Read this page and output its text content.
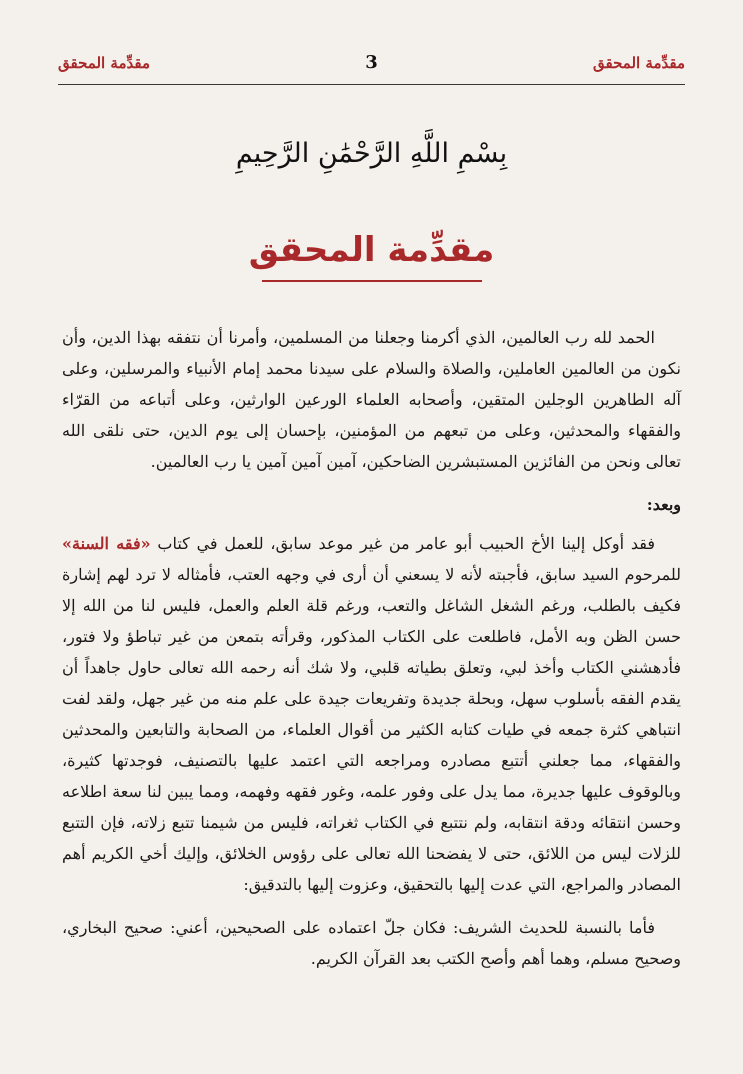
مقدِّمة المحقق
3
مقدِّمة المحقق
بِسْمِ اللَّهِ الرَّحْمَٰنِ الرَّحِيمِ
مقدِّمة المحقق

الحمد لله رب العالمين، الذي أكرمنا وجعلنا من المسلمين، وأمرنا أن نتفقه بهذا الدين، وأن نكون من العالمين العاملين، والصلاة والسلام على سيدنا محمد إمام الأنبياء والمرسلين، وعلى آله الطاهرين الوجلين المتقين، وأصحابه العلماء الورعين الوارثين، وعلى أتباعه من القرّاء والفقهاء والمحدثين، وعلى من تبعهم من المؤمنين، بإحسان إلى يوم الدين، حتى نلقى الله تعالى ونحن من الفائزين المستبشرين الضاحكين، آمين آمين آمين يا رب العالمين.

وبعد:

فقد أوكل إلينا الأخ الحبيب أبو عامر من غير موعد سابق، للعمل في كتاب «فقه السنة» للمرحوم السيد سابق، فأجبته لأنه لا يسعني أن أرى في وجهه العتب، فأمثاله لا ترد لهم إشارة فكيف بالطلب، ورغم الشغل الشاغل والتعب، ورغم قلة العلم والعمل، فليس لنا من الله إلا حسن الظن وبه الأمل، فاطلعت على الكتاب المذكور، وقرأته بتمعن من غير تباطؤ ولا فتور، فأدهشني الكتاب وأخذ لبي، وتعلق بطياته قلبي، ولا شك أنه رحمه الله تعالى حاول جاهداً أن يقدم الفقه بأسلوب سهل، وبحلة جديدة وتفريعات جيدة على علم منه من غير جهل، ولقد لفت انتباهي كثرة جمعه في طيات كتابه الكثير من أقوال العلماء، من الصحابة والتابعين والمحدثين والفقهاء، مما جعلني أتتبع مصادره ومراجعه التي اعتمد عليها بالتصنيف، فوجدتها كثيرة، وبالوقوف عليها جديرة، مما يدل على وفور علمه، وغور فقهه وفهمه، ومما يبين لنا سعة اطلاعه وحسن انتقائه ودقة انتقابه، ولم نتتبع في الكتاب ثغراته، فليس من شيمنا تتبع زلاته، فإن التتبع للزلات ليس من اللائق، حتى لا يفضحنا الله تعالى على رؤوس الخلائق، وإليك أخي الكريم أهم المصادر والمراجع، التي عدت إليها بالتحقيق، وعزوت إليها بالتدقيق:

فأما بالنسبة للحديث الشريف: فكان جلّ اعتماده على الصحيحين، أعني: صحيح البخاري، وصحيح مسلم، وهما أهم وأصح الكتب بعد القرآن الكريم.
